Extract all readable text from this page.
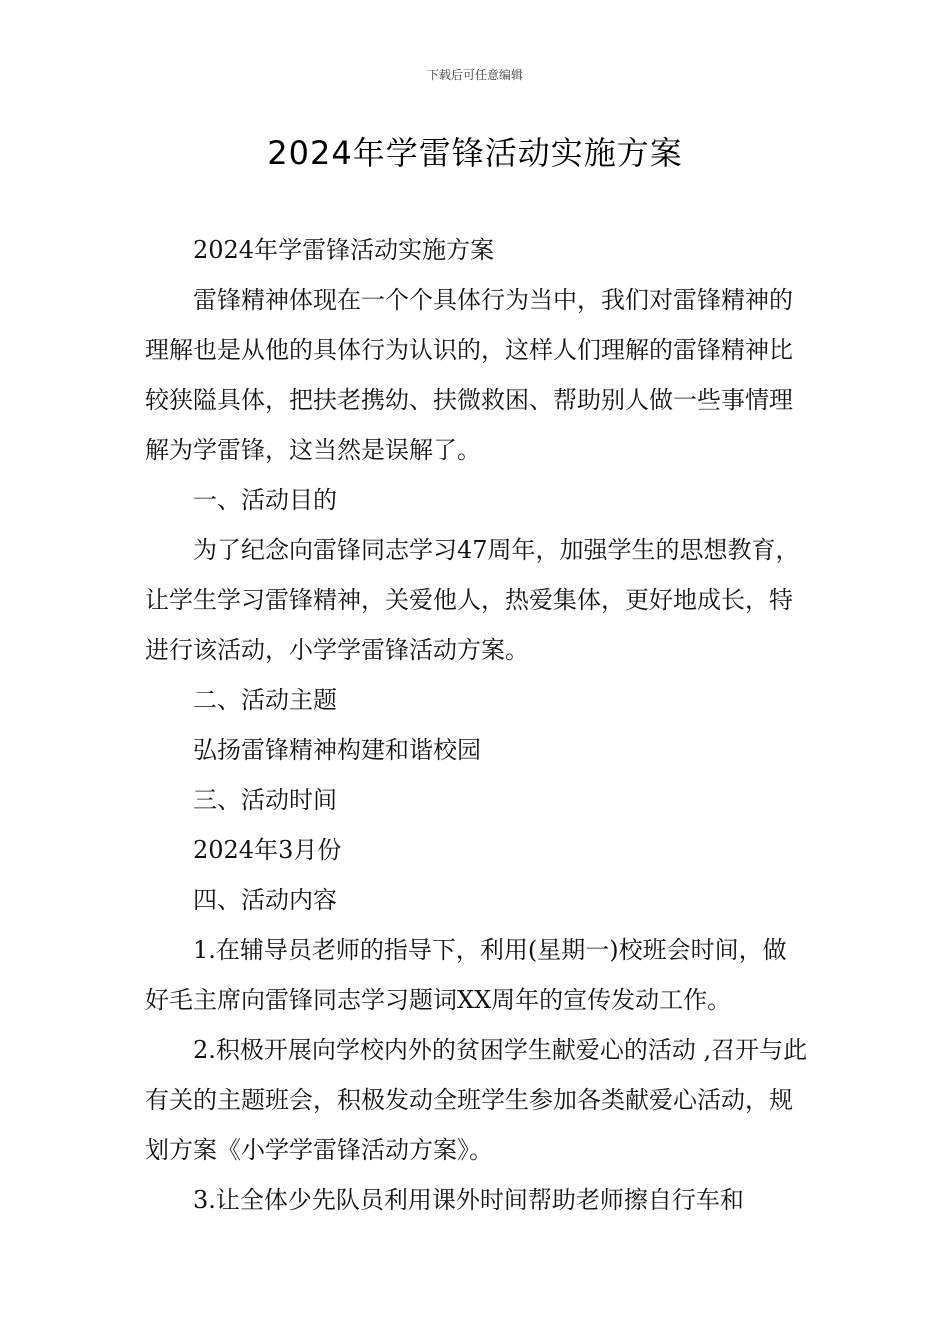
下载后可任意编辑
2024年学雷锋活动实施方案

2024年学雷锋活动实施方案

雷锋精神体现在一个个具体行为当中，我们对雷锋精神的理解也是从他的具体行为认识的，这样人们理解的雷锋精神比较狭隘具体，把扶老携幼、扶微救困、帮助别人做一些事情理解为学雷锋，这当然是误解了。

一、活动目的

为了纪念向雷锋同志学习47周年，加强学生的思想教育，让学生学习雷锋精神，关爱他人，热爱集体，更好地成长，特进行该活动，小学学雷锋活动方案。

二、活动主题

弘扬雷锋精神构建和谐校园

三、活动时间

2024年3月份

四、活动内容

1.在辅导员老师的指导下，利用(星期一)校班会时间，做好毛主席向雷锋同志学习题词XX周年的宣传发动工作。

2.积极开展向学校内外的贫困学生献爱心的活动 ,召开与此有关的主题班会，积极发动全班学生参加各类献爱心活动，规划方案《小学学雷锋活动方案》。

3.让全体少先队员利用课外时间帮助老师擦自行车和
